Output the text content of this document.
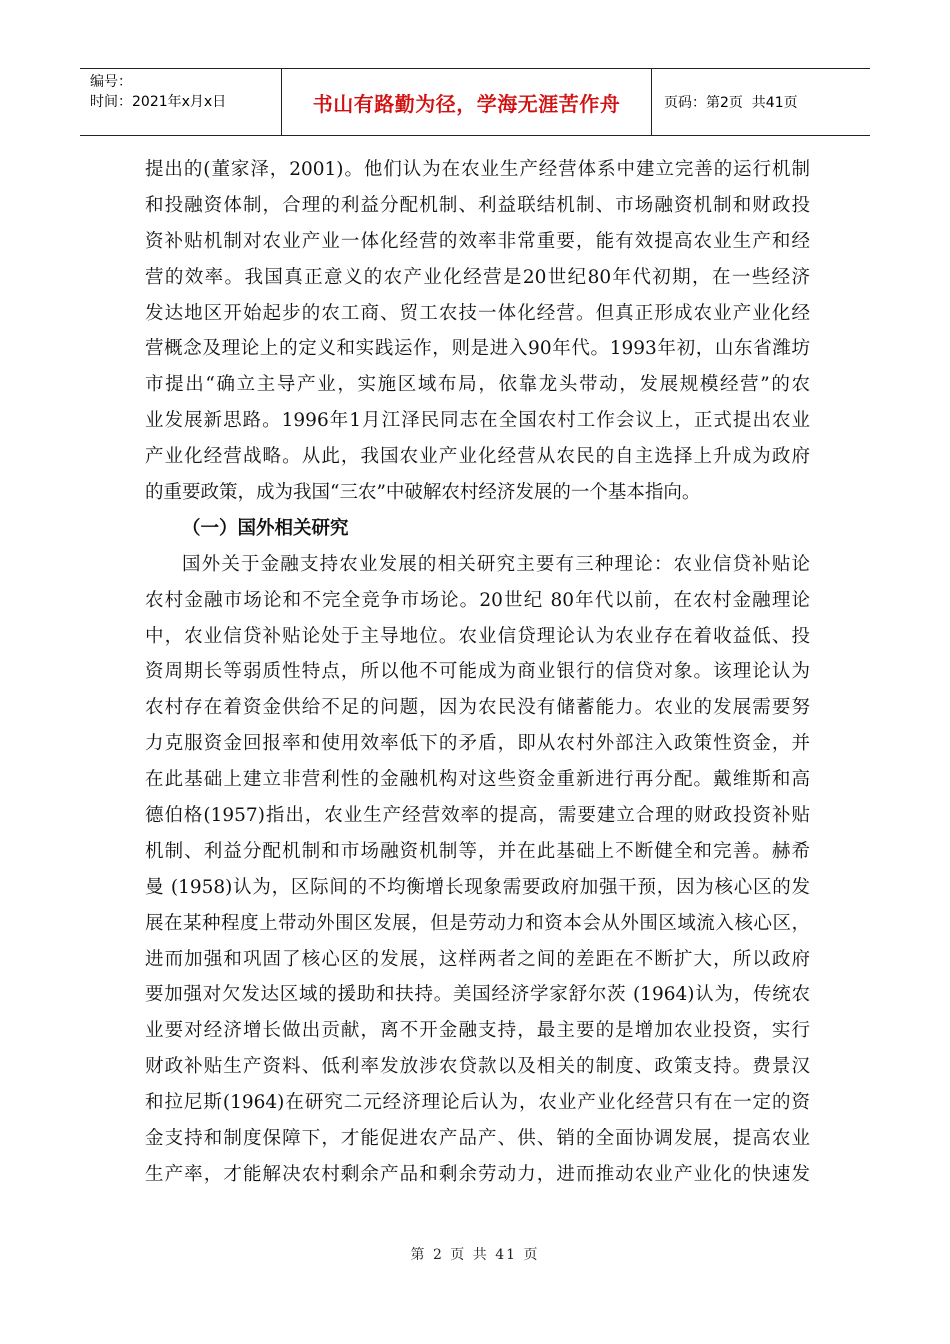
编号：
时间：2021年x月x日	书山有路勤为径，学海无涯苦作舟	页码：第2页  共41页
提出的(董家泽，2001)。他们认为在农业生产经营体系中建立完善的运行机制
和投融资体制，合理的利益分配机制、利益联结机制、市场融资机制和财政投
资补贴机制对农业产业一体化经营的效率非常重要，能有效提高农业生产和经
营的效率。我国真正意义的农产业化经营是20世纪80年代初期，在一些经济
发达地区开始起步的农工商、贸工农技一体化经营。但真正形成农业产业化经
营概念及理论上的定义和实践运作，则是进入90年代。1993年初，山东省潍坊
市提出“确立主导产业，实施区域布局，依靠龙头带动，发展规模经营”的农
业发展新思路。1996年1月江泽民同志在全国农村工作会议上，正式提出农业
产业化经营战略。从此，我国农业产业化经营从农民的自主选择上升成为政府
的重要政策，成为我国“三农”中破解农村经济发展的一个基本指向。
（一）国外相关研究
国外关于金融支持农业发展的相关研究主要有三种理论：农业信贷补贴论
农村金融市场论和不完全竞争市场论。20世纪 80年代以前，在农村金融理论
中，农业信贷补贴论处于主导地位。农业信贷理论认为农业存在着收益低、投
资周期长等弱质性特点，所以他不可能成为商业银行的信贷对象。该理论认为
农村存在着资金供给不足的问题，因为农民没有储蓄能力。农业的发展需要努
力克服资金回报率和使用效率低下的矛盾，即从农村外部注入政策性资金，并
在此基础上建立非营利性的金融机构对这些资金重新进行再分配。戴维斯和高
德伯格(1957)指出，农业生产经营效率的提高，需要建立合理的财政投资补贴
机制、利益分配机制和市场融资机制等，并在此基础上不断健全和完善。赫希
曼 (1958)认为，区际间的不均衡增长现象需要政府加强干预，因为核心区的发
展在某种程度上带动外围区发展，但是劳动力和资本会从外围区域流入核心区，
进而加强和巩固了核心区的发展，这样两者之间的差距在不断扩大，所以政府
要加强对欠发达区域的援助和扶持。美国经济学家舒尔茨 (1964)认为，传统农
业要对经济增长做出贡献，离不开金融支持，最主要的是增加农业投资，实行
财政补贴生产资料、低利率发放涉农贷款以及相关的制度、政策支持。费景汉
和拉尼斯(1964)在研究二元经济理论后认为，农业产业化经营只有在一定的资
金支持和制度保障下，才能促进农产品产、供、销的全面协调发展，提高农业
生产率，才能解决农村剩余产品和剩余劳动力，进而推动农业产业化的快速发
第 2 页 共 41 页
